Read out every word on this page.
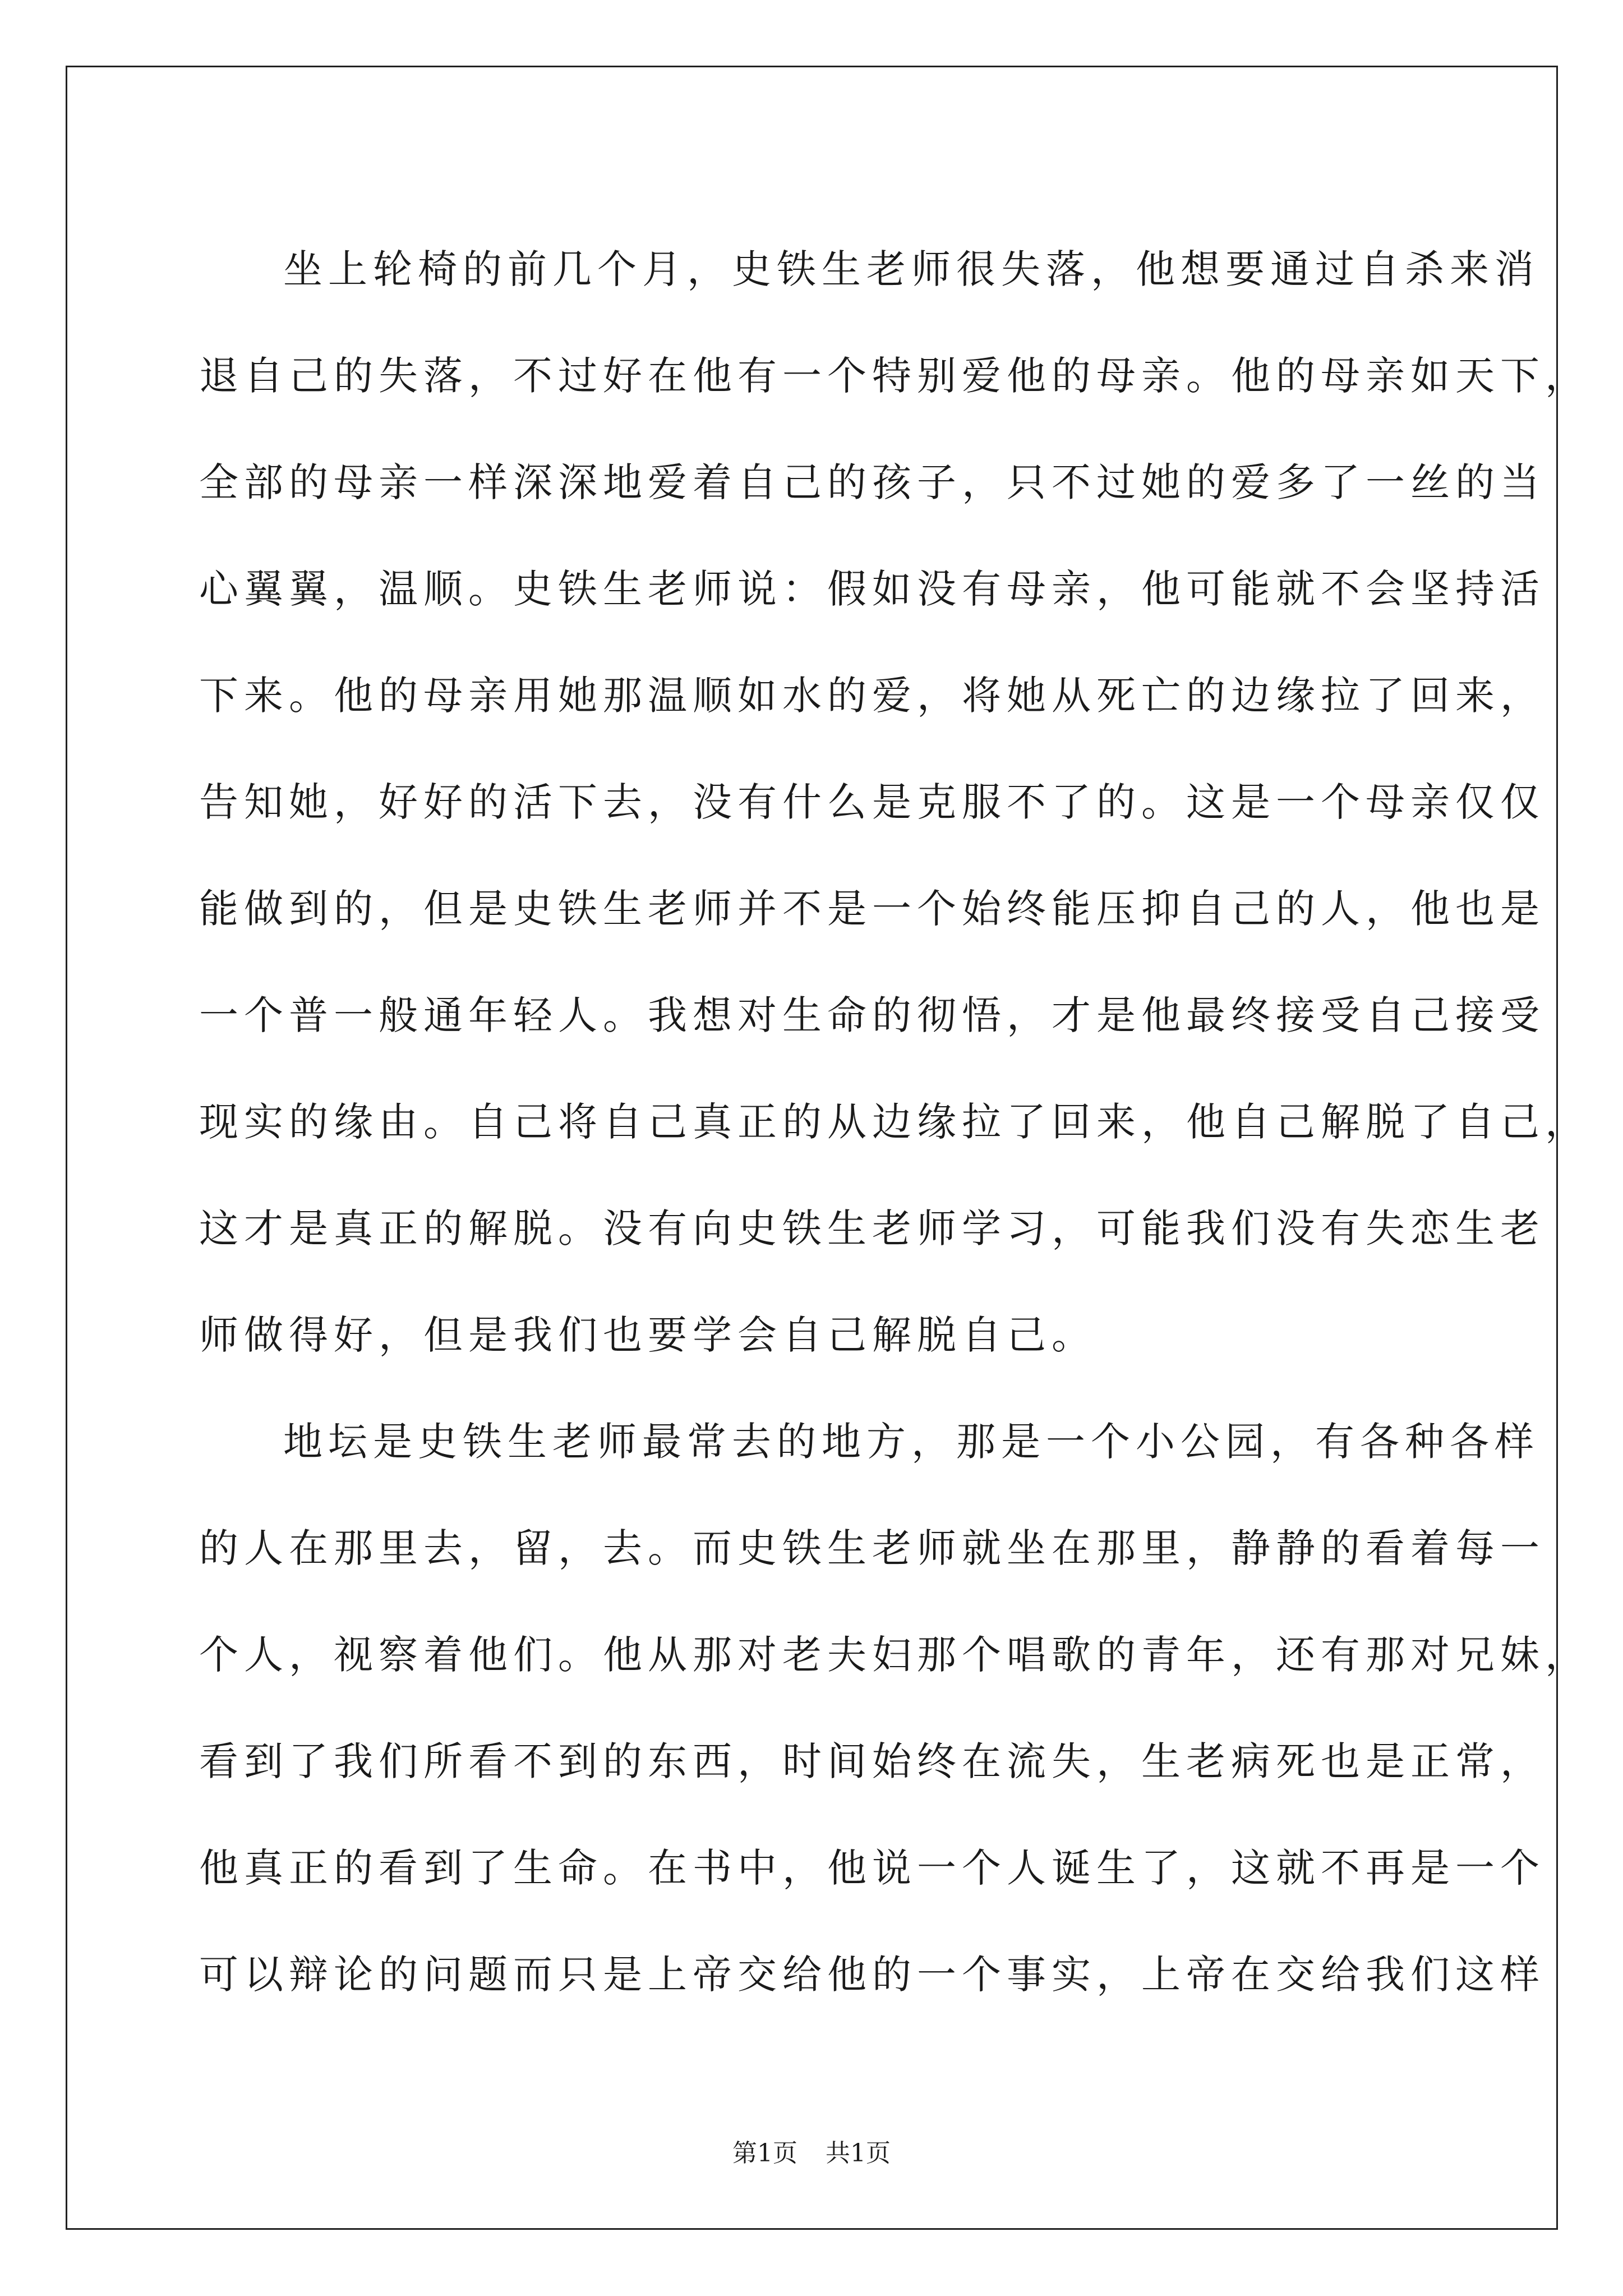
坐上轮椅的前几个月，史铁生老师很失落，他想要通过自杀来消
退自己的失落，不过好在他有一个特别爱他的母亲。他的母亲如天下，
全部的母亲一样深深地爱着自己的孩子，只不过她的爱多了一丝的当
心翼翼，温顺。史铁生老师说：假如没有母亲，他可能就不会坚持活
下来。他的母亲用她那温顺如水的爱，将她从死亡的边缘拉了回来，
告知她，好好的活下去，没有什么是克服不了的。这是一个母亲仅仅
能做到的，但是史铁生老师并不是一个始终能压抑自己的人，他也是
一个普一般通年轻人。我想对生命的彻悟，才是他最终接受自己接受
现实的缘由。自己将自己真正的从边缘拉了回来，他自己解脱了自己，
这才是真正的解脱。没有向史铁生老师学习，可能我们没有失恋生老
师做得好，但是我们也要学会自己解脱自己。
地坛是史铁生老师最常去的地方，那是一个小公园，有各种各样
的人在那里去，留，去。而史铁生老师就坐在那里，静静的看着每一
个人，视察着他们。他从那对老夫妇那个唱歌的青年，还有那对兄妹，
看到了我们所看不到的东西，时间始终在流失，生老病死也是正常，
他真正的看到了生命。在书中，他说一个人诞生了，这就不再是一个
可以辩论的问题而只是上帝交给他的一个事实，上帝在交给我们这样
第1页 共1页
